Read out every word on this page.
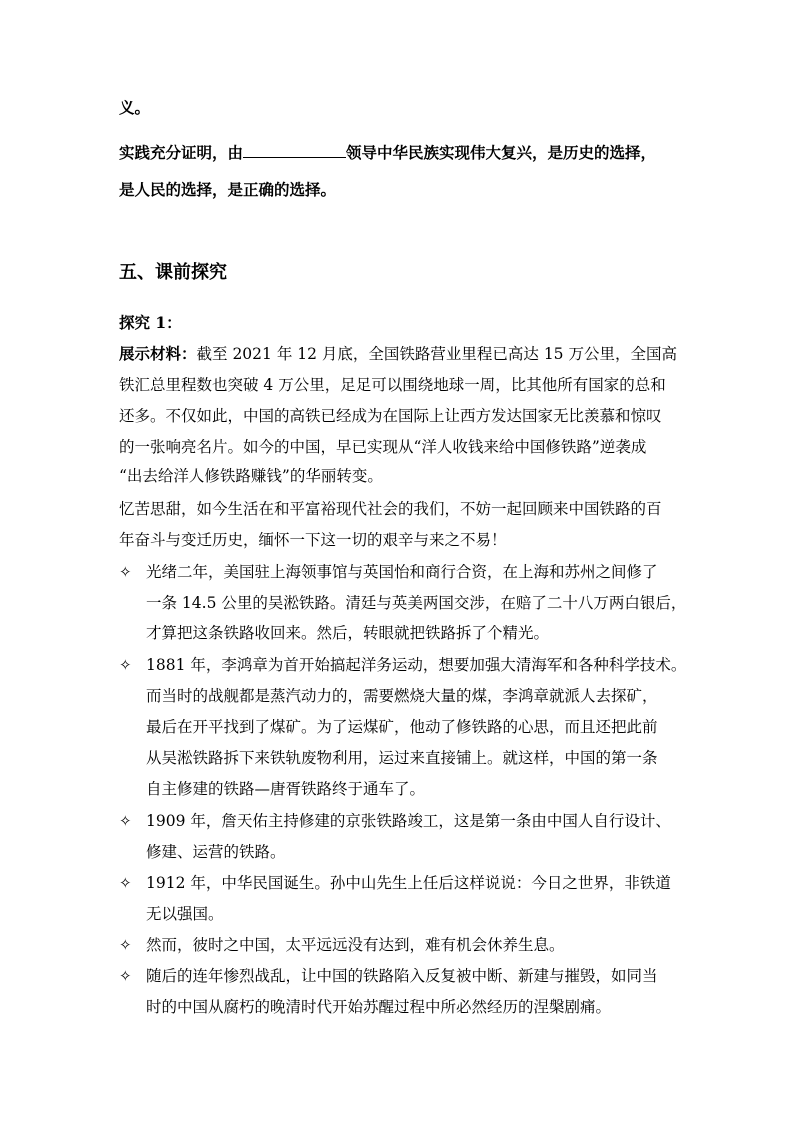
义。
实践充分证明，由	领导中华民族实现伟大复兴，是历史的选择，
是人民的选择，是正确的选择。
五、课前探究
探究 1：
展示材料：截至 2021 年 12 月底，全国铁路营业里程已高达 15 万公里，全国高
铁汇总里程数也突破 4 万公里，足足可以围绕地球一周，比其他所有国家的总和
还多。不仅如此，中国的高铁已经成为在国际上让西方发达国家无比羡慕和惊叹
的一张响亮名片。如今的中国，早已实现从“洋人收钱来给中国修铁路”逆袭成
“出去给洋人修铁路赚钱”的华丽转变。
忆苦思甜，如今生活在和平富裕现代社会的我们，不妨一起回顾来中国铁路的百
年奋斗与变迁历史，缅怀一下这一切的艰辛与来之不易！
✧ 光绪二年，美国驻上海领事馆与英国怡和商行合资，在上海和苏州之间修了
一条 14.5 公里的吴淞铁路。清廷与英美两国交涉，在赔了二十八万两白银后，
才算把这条铁路收回来。然后，转眼就把铁路拆了个精光。
✧ 1881 年，李鸿章为首开始搞起洋务运动，想要加强大清海军和各种科学技术。
而当时的战舰都是蒸汽动力的，需要燃烧大量的煤，李鸿章就派人去探矿，
最后在开平找到了煤矿。为了运煤矿，他动了修铁路的心思，而且还把此前
从吴淞铁路拆下来铁轨废物利用，运过来直接铺上。就这样，中国的第一条
自主修建的铁路—唐胥铁路终于通车了。
✧ 1909 年，詹天佑主持修建的京张铁路竣工，这是第一条由中国人自行设计、
修建、运营的铁路。
✧ 1912 年，中华民国诞生。孙中山先生上任后这样说说：今日之世界，非铁道
无以强国。
✧ 然而，彼时之中国，太平远远没有达到，难有机会休养生息。
✧ 随后的连年惨烈战乱，让中国的铁路陷入反复被中断、新建与摧毁，如同当
时的中国从腐朽的晚清时代开始苏醒过程中所必然经历的涅槃剧痛。
